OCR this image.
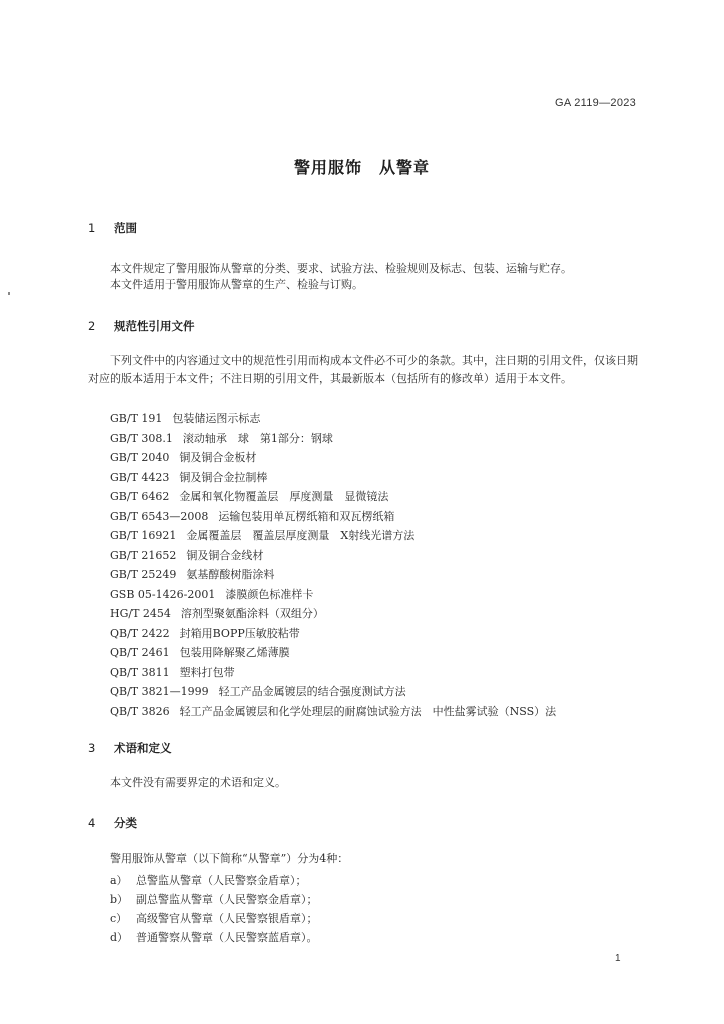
GA 2119—2023
警用服饰　从警章
1 范围
本文件规定了警用服饰从警章的分类、要求、试验方法、检验规则及标志、包装、运输与贮存。
本文件适用于警用服饰从警章的生产、检验与订购。
2 规范性引用文件
下列文件中的内容通过文中的规范性引用而构成本文件必不可少的条款。其中，注日期的引用文件，仅该日期对应的版本适用于本文件；不注日期的引用文件，其最新版本（包括所有的修改单）适用于本文件。
GB/T 191 包装储运图示标志
GB/T 308.1 滚动轴承　球　第1部分：钢球
GB/T 2040 铜及铜合金板材
GB/T 4423 铜及铜合金拉制棒
GB/T 6462 金属和氧化物覆盖层　厚度测量　显微镜法
GB/T 6543—2008 运输包装用单瓦楞纸箱和双瓦楞纸箱
GB/T 16921 金属覆盖层　覆盖层厚度测量　X射线光谱方法
GB/T 21652 铜及铜合金线材
GB/T 25249 氨基醇酸树脂涂料
GSB 05-1426-2001 漆膜颜色标准样卡
HG/T 2454 溶剂型聚氨酯涂料（双组分）
QB/T 2422 封箱用BOPP压敏胶粘带
QB/T 2461 包装用降解聚乙烯薄膜
QB/T 3811 塑料打包带
QB/T 3821—1999 轻工产品金属镀层的结合强度测试方法
QB/T 3826 轻工产品金属镀层和化学处理层的耐腐蚀试验方法　中性盐雾试验（NSS）法
3 术语和定义
本文件没有需要界定的术语和定义。
4 分类
警用服饰从警章（以下简称“从警章”）分为4种：
a） 总警监从警章（人民警察金盾章）；
b） 副总警监从警章（人民警察金盾章）；
c） 高级警官从警章（人民警察银盾章）；
d） 普通警察从警章（人民警察蓝盾章）。
1
